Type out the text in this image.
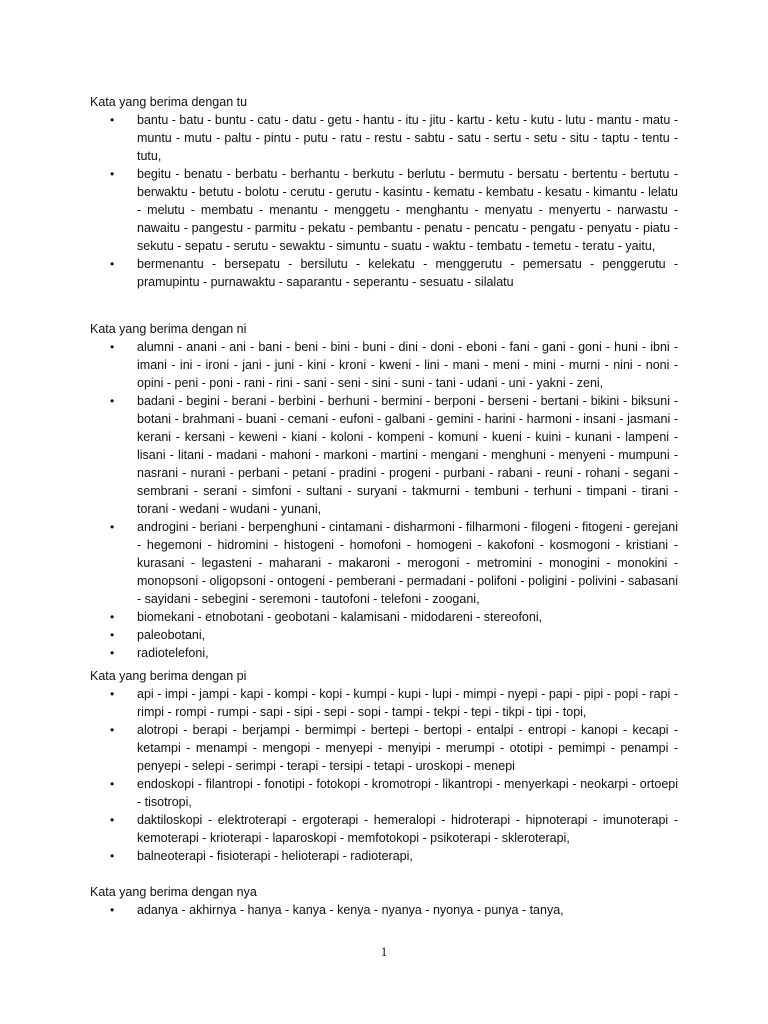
Kata yang berima dengan tu
• bantu - batu - buntu - catu - datu - getu - hantu - itu - jitu - kartu - ketu - kutu - lutu - mantu - matu - muntu - mutu - paltu - pintu - putu - ratu - restu - sabtu - satu - sertu - setu - situ - taptu - tentu - tutu,
• begitu - benatu - berbatu - berhantu - berkutu - berlutu - bermutu - bersatu - bertentu - bertutu - berwaktu - betutu - bolotu - cerutu - gerutu - kasintu - kematu - kembatu - kesatu - kimantu - lelatu - melutu - membatu - menantu - menggetu - menghantu - menyatu - menyertu - narwastu - nawaitu - pangestu - parmitu - pekatu - pembantu - penatu - pencatu - pengatu - penyatu - piatu - sekutu - sepatu - serutu - sewaktu - simuntu - suatu - waktu - tembatu - temetu - teratu - yaitu,
• bermenantu - bersepatu - bersilutu - kelekatu - menggerutu - pemersatu - penggerutu - pramupintu - purnawaktu - saparantu - seperantu - sesuatu - silalatu
Kata yang berima dengan ni
• alumni - anani - ani - bani - beni - bini - buni - dini - doni - eboni - fani - gani - goni - huni - ibni - imani - ini - ironi - jani - juni - kini - kroni - kweni - lini - mani - meni - mini - murni - nini - noni - opini - peni - poni - rani - rini - sani - seni - sini - suni - tani - udani - uni - yakni - zeni,
• badani - begini - berani - berbini - berhuni - bermini - berponi - berseni - bertani - bikini - biksuni - botani - brahmani - buani - cemani - eufoni - galbani - gemini - harini - harmoni - insani - jasmani - kerani - kersani - keweni - kiani - koloni - kompeni - komuni - kueni - kuini - kunani - lampeni - lisani - litani - madani - mahoni - markoni - martini - mengani - menghuni - menyeni - mumpuni - nasrani - nurani - perbani - petani - pradini - progeni - purbani - rabani - reuni - rohani - segani - sembrani - serani - simfoni - sultani - suryani - takmurni - tembuni - terhuni - timpani - tirani - torani - wedani - wudani - yunani,
• androgini - beriani - berpenghuni - cintamani - disharmoni - filharmoni - filogeni - fitogeni - gerejani - hegemoni - hidromini - histogeni - homofoni - homogeni - kakofoni - kosmogoni - kristiani - kurasani - legasteni - maharani - makaroni - merogoni - metromini - monogini - monokini - monopsoni - oligopsoni - ontogeni - pemberani - permadani - polifoni - poligini - polivini - sabasani - sayidani - sebegini - seremoni - tautofoni - telefoni - zoogani,
• biomekani - etnobotani - geobotani - kalamisani - midodareni - stereofoni,
• paleobotani,
• radiotelefoni,
Kata yang berima dengan pi
• api - impi - jampi - kapi - kompi - kopi - kumpi - kupi - lupi - mimpi - nyepi - papi - pipi - popi - rapi - rimpi - rompi - rumpi - sapi - sipi - sepi - sopi - tampi - tekpi - tepi - tikpi - tipi - topi,
• alotropi - berapi - berjampi - bermimpi - bertepi - bertopi - entalpi - entropi - kanopi - kecapi - ketampi - menampi - mengopi - menyepi - menyipi - merumpi - ototipi - pemimpi - penampi - penyepi - selepi - serimpi - terapi - tersipi - tetapi - uroskopi - menepi
• endoskopi - filantropi - fonotipi - fotokopi - kromotropi - likantropi - menyerkapi - neokarpi - ortoepi - tisotropi,
• daktiloskopi - elektroterapi - ergoterapi - hemeralopi - hidroterapi - hipnoterapi - imunoterapi - kemoterapi - krioterapi - laparoskopi - memfotokopi - psikoterapi - skleroterapi,
• balneoterapi - fisioterapi - helioterapi - radioterapi,
Kata yang berima dengan nya
• adanya - akhirnya - hanya - kanya - kenya - nyanya - nyonya - punya - tanya,
1
